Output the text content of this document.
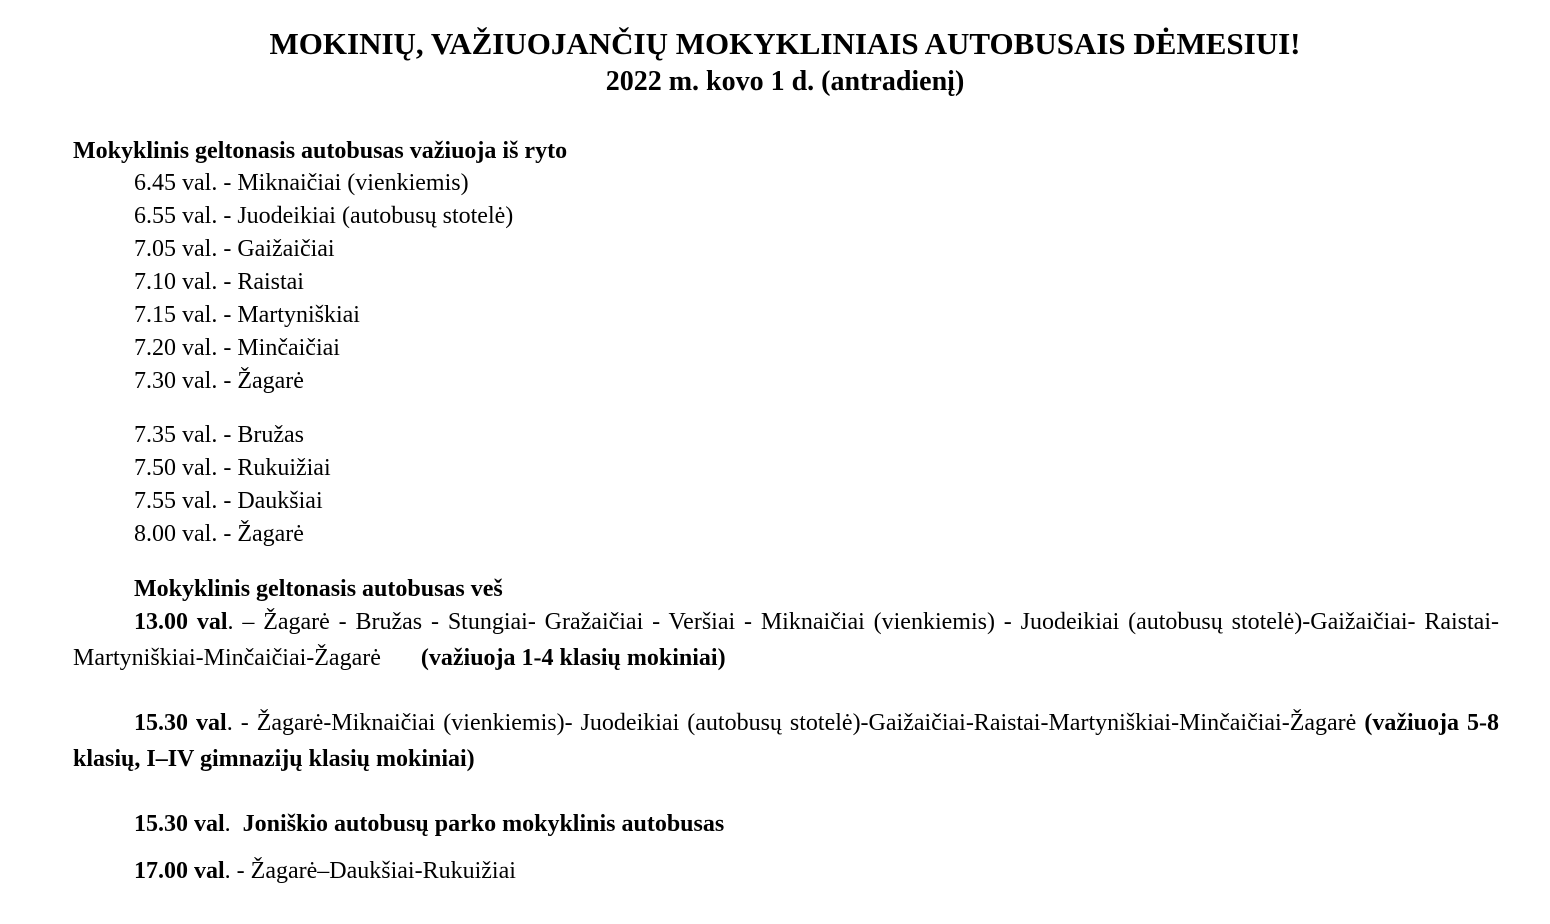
MOKINIŲ, VAŽIUOJANČIŲ MOKYKLINIAIS AUTOBUSAIS DĖMESIUI!
2022 m. kovo 1 d. (antradienį)
Mokyklinis geltonasis autobusas važiuoja iš ryto
6.45 val. - Miknaičiai (vienkiemis)
6.55 val. - Juodeikiai (autobusų stotelė)
7.05 val. - Gaižaičiai
7.10 val. - Raistai
7.15 val. - Martyniškiai
7.20 val. - Minčaičiai
7.30 val. - Žagarė
7.35 val. - Bružas
7.50 val. - Rukuižiai
7.55 val. - Daukšiai
8.00 val. - Žagarė
Mokyklinis geltonasis autobusas veš
13.00 val. – Žagarė - Bružas - Stungiai- Gražaičiai - Veršiai - Miknaičiai (vienkiemis) - Juodeikiai (autobusų stotelė)-Gaižaičiai- Raistai-Martyniškiai-Minčaičiai-Žagarė (važiuoja 1-4 klasių mokiniai)
15.30 val. - Žagarė-Miknaičiai (vienkiemis)- Juodeikiai (autobusų stotelė)-Gaižaičiai-Raistai-Martyniškiai-Minčaičiai-Žagarė (važiuoja 5-8 klasių, I–IV gimnazijų klasių mokiniai)
15.30 val.  Joniškio autobusų parko mokyklinis autobusas
17.00 val. - Žagarė–Daukšiai-Rukuižiai
